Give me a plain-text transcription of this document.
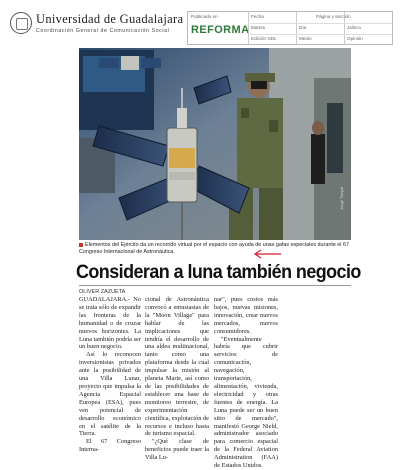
Universidad de Guadalajara
Coordinación General de Comunicación Social
Publicado en
REFORMA
Fecha	Página y sección
Martes	Día	Jalisco
Edición GDL	Medio	Opinión
Jorge Tlarpal
Elementos del Ejército da un recorrido virtual por el espacio con ayuda de unas gafas especiales durante el 67 Congreso Internacional de Astronáutica.
Consideran a luna también negocio
OLIVER ZAZUETA

GUADALAJARA.- No se trata sólo de expandir las fronteras de la humanidad o de cruzar nuevos horizontes. La Luna también podría ser un buen negocio.

Así lo reconocen inversionistas privados ante la posibilidad de una Villa Lunar, proyecto que impulsa la Agencia Espacial Europea (ESA), pues ven potencial de desarrollo económico en el satélite de la Tierra.

El 67 Congreso Interna-

cional de Astronáutica convocó a entusiastas de la "Moon Village" para hablar de las implicaciones que tendría el desarrollo de una aldea multinacional, tanto como una plataforma desde la cual impulsar la misión al planeta Marte, así como de las posibilidades de establecer una base de monitoreo terrestre, de experimentación científica, explotación de recursos e incluso hasta de turismo espacial.

"¿Qué clase de beneficios puede traer la Villa Lu-

nar", pues costos más bajos, nuevas misiones, innovación, crear nuevos mercados, nuevos consumidores.

"Eventualmente habría que cubrir servicios de comunicación, navegación, transportación, alimentación, vivienda, electricidad y otras fuentes de energía. La Luna puede ser un buen sitio de mercado", manifestó George Nield, administrador asociado para comercio espacial de la Federal Aviation Administration (FAA) de Estados Unidos.
